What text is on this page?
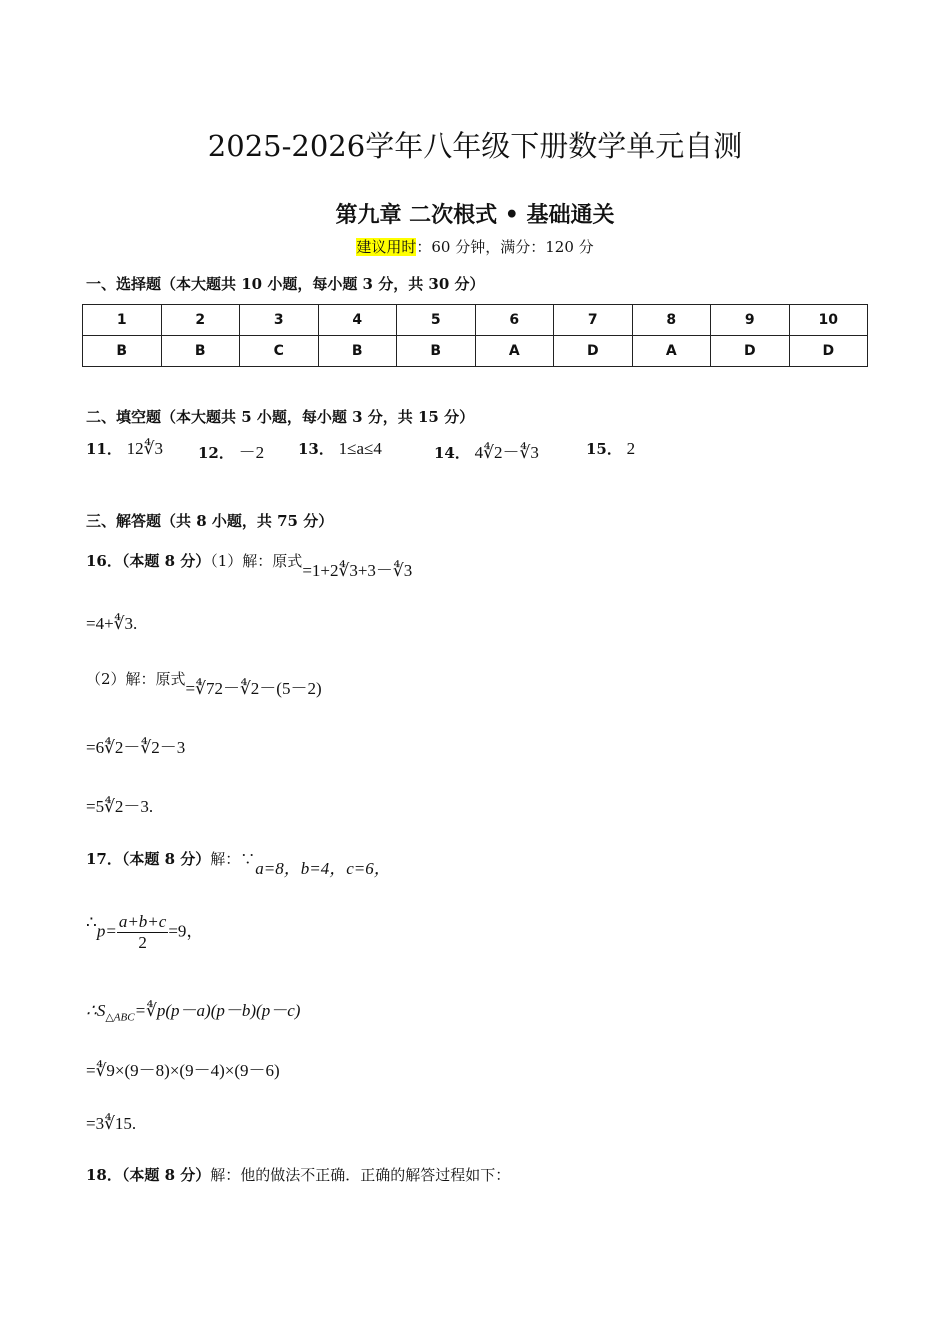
2025-2026学年八年级下册数学单元自测
第九章 二次根式 • 基础通关
建议用时：60 分钟，满分：120 分
一、选择题（本大题共 10 小题，每小题 3 分，共 30 分）
1	2	3	4	5	6	7	8	9	10
B	B	C	B	B	A	D	A	D	D
二、填空题（本大题共 5 小题，每小题 3 分，共 15 分）
11． 12∜3 12． －2 13． 1≤a≤4	14． 4∜2－∜3	15． 2
三、解答题（共 8 小题，共 75 分）
16．（本题 8 分）（1）解：原式=1+2∜3+3－∜3
=4+∜3.
（2）解：原式=∜72－∜2－(5－2)
=6∜2－∜2－3
=5∜2－3.
17．（本题 8 分）解：∵a=8，b=4，c=6，
∴p= $\frac{a+b+c}{2} =9$，
$\therefore S_{\triangle ABC}=∜p(p-a)(p-b)(p-c)$
=∜9×(9－8)×(9－4)×(9－6)
=3∜15.
18．（本题 8 分）解：他的做法不正确．正确的解答过程如下：
